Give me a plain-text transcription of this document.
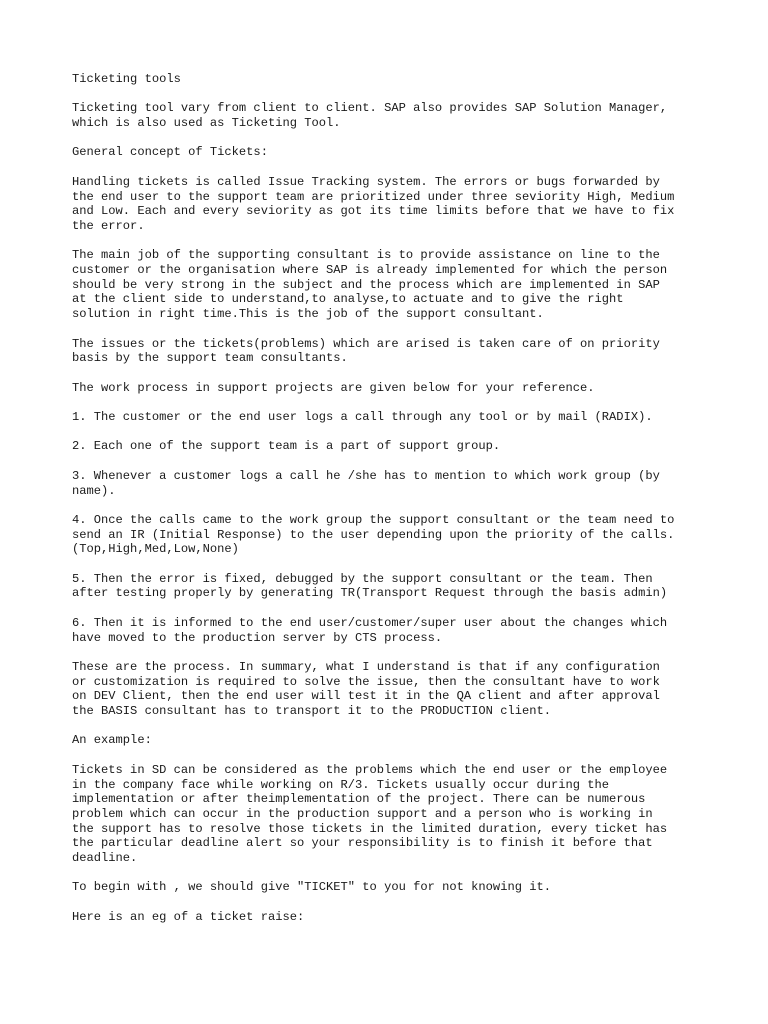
Ticketing tools

Ticketing tool vary from client to client. SAP also provides SAP Solution Manager,
which is also used as Ticketing Tool.

General concept of Tickets:

Handling tickets is called Issue Tracking system. The errors or bugs forwarded by
the end user to the support team are prioritized under three seviority High, Medium
and Low. Each and every seviority as got its time limits before that we have to fix
the error.

The main job of the supporting consultant is to provide assistance on line to the
customer or the organisation where SAP is already implemented for which the person
should be very strong in the subject and the process which are implemented in SAP
at the client side to understand,to analyse,to actuate and to give the right
solution in right time.This is the job of the support consultant.

The issues or the tickets(problems) which are arised is taken care of on priority
basis by the support team consultants.

The work process in support projects are given below for your reference.

1. The customer or the end user logs a call through any tool or by mail (RADIX).

2. Each one of the support team is a part of support group.

3. Whenever a customer logs a call he /she has to mention to which work group (by
name).

4. Once the calls came to the work group the support consultant or the team need to
send an IR (Initial Response) to the user depending upon the priority of the calls.
(Top,High,Med,Low,None)

5. Then the error is fixed, debugged by the support consultant or the team. Then
after testing properly by generating TR(Transport Request through the basis admin)

6. Then it is informed to the end user/customer/super user about the changes which
have moved to the production server by CTS process.

These are the process. In summary, what I understand is that if any configuration
or customization is required to solve the issue, then the consultant have to work
on DEV Client, then the end user will test it in the QA client and after approval
the BASIS consultant has to transport it to the PRODUCTION client.

An example:

Tickets in SD can be considered as the problems which the end user or the employee
in the company face while working on R/3. Tickets usually occur during the
implementation or after theimplementation of the project. There can be numerous
problem which can occur in the production support and a person who is working in
the support has to resolve those tickets in the limited duration, every ticket has
the particular deadline alert so your responsibility is to finish it before that
deadline.

To begin with , we should give "TICKET" to you for not knowing it.

Here is an eg of a ticket raise:
